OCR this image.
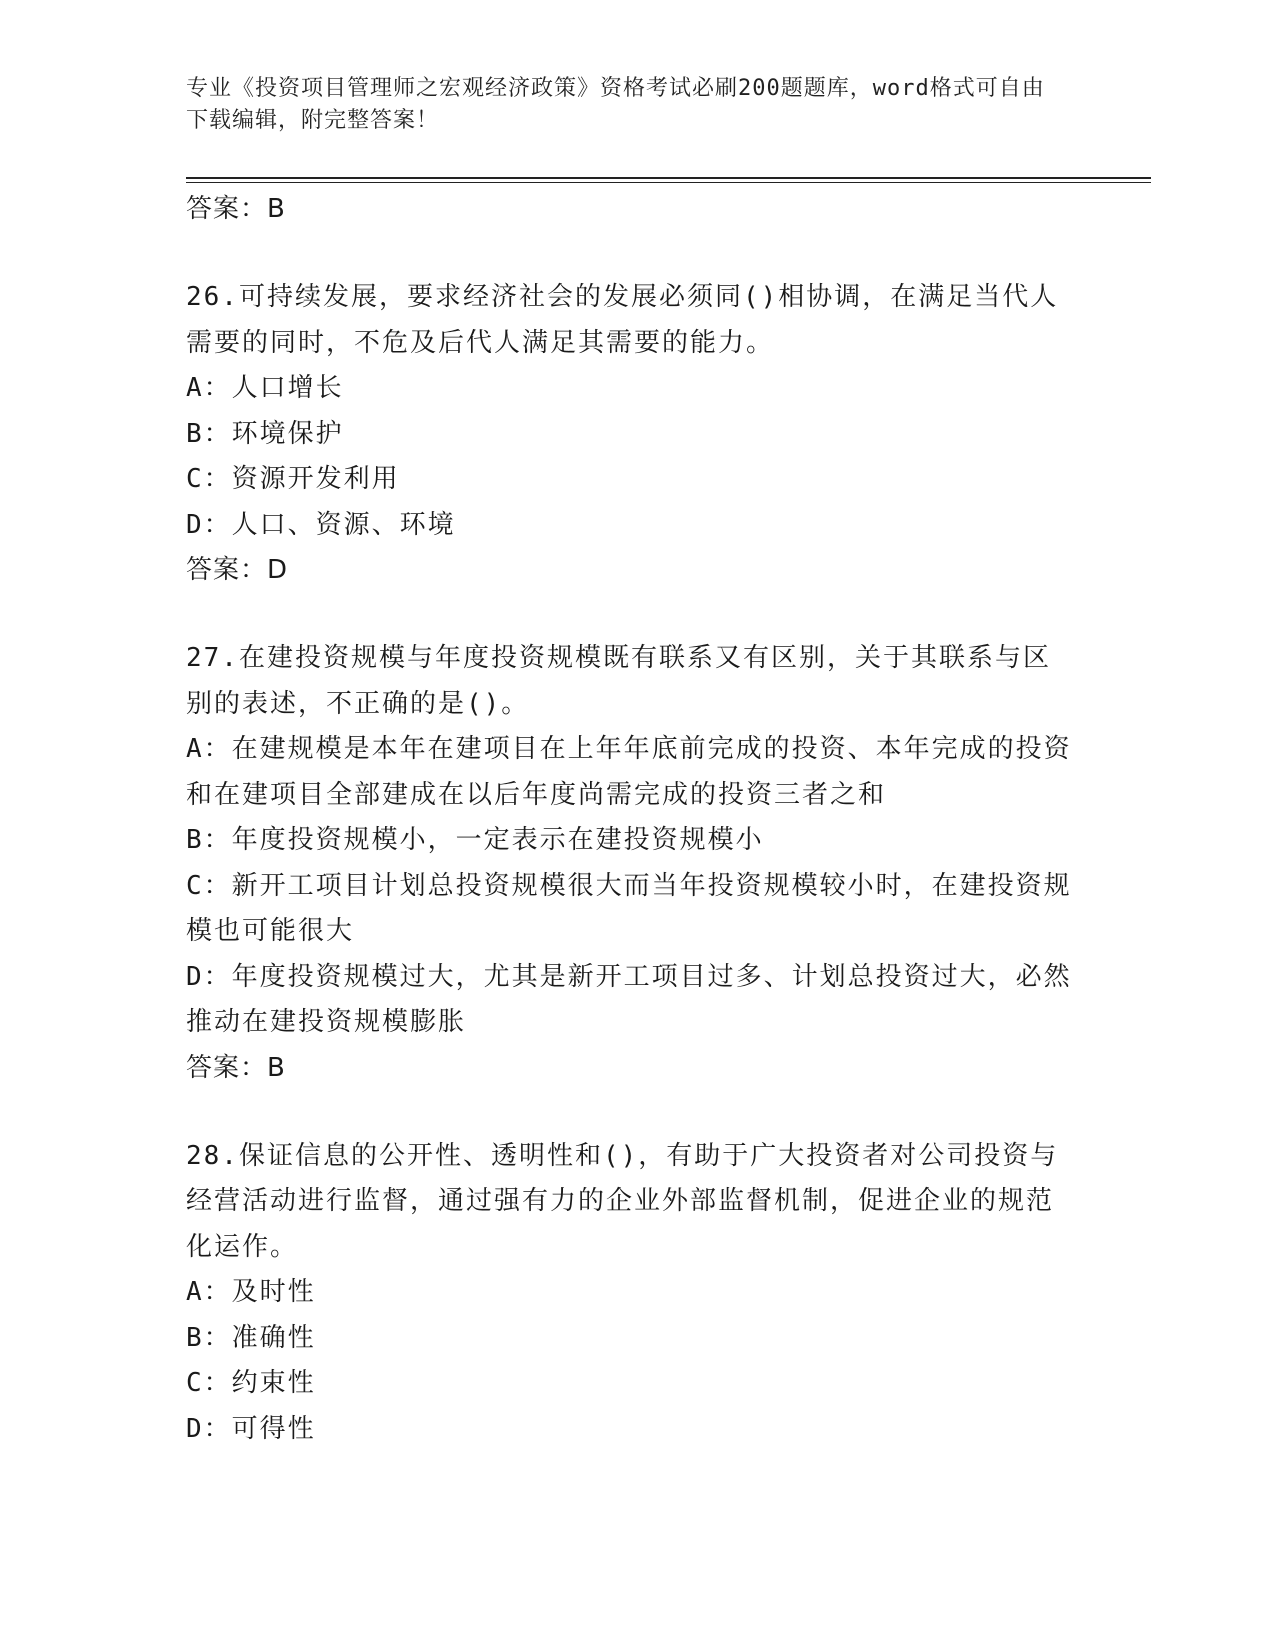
专业《投资项目管理师之宏观经济政策》资格考试必刷200题题库，word格式可自由下载编辑，附完整答案！

答案：B

26.可持续发展，要求经济社会的发展必须同()相协调，在满足当代人需要的同时，不危及后代人满足其需要的能力。

A：人口增长

B：环境保护

C：资源开发利用

D：人口、资源、环境

答案：D

27.在建投资规模与年度投资规模既有联系又有区别，关于其联系与区别的表述，不正确的是()。

A：在建规模是本年在建项目在上年年底前完成的投资、本年完成的投资和在建项目全部建成在以后年度尚需完成的投资三者之和

B：年度投资规模小，一定表示在建投资规模小

C：新开工项目计划总投资规模很大而当年投资规模较小时，在建投资规模也可能很大

D：年度投资规模过大，尤其是新开工项目过多、计划总投资过大，必然推动在建投资规模膨胀

答案：B

28.保证信息的公开性、透明性和()，有助于广大投资者对公司投资与经营活动进行监督，通过强有力的企业外部监督机制，促进企业的规范化运作。

A：及时性

B：准确性

C：约束性

D：可得性
